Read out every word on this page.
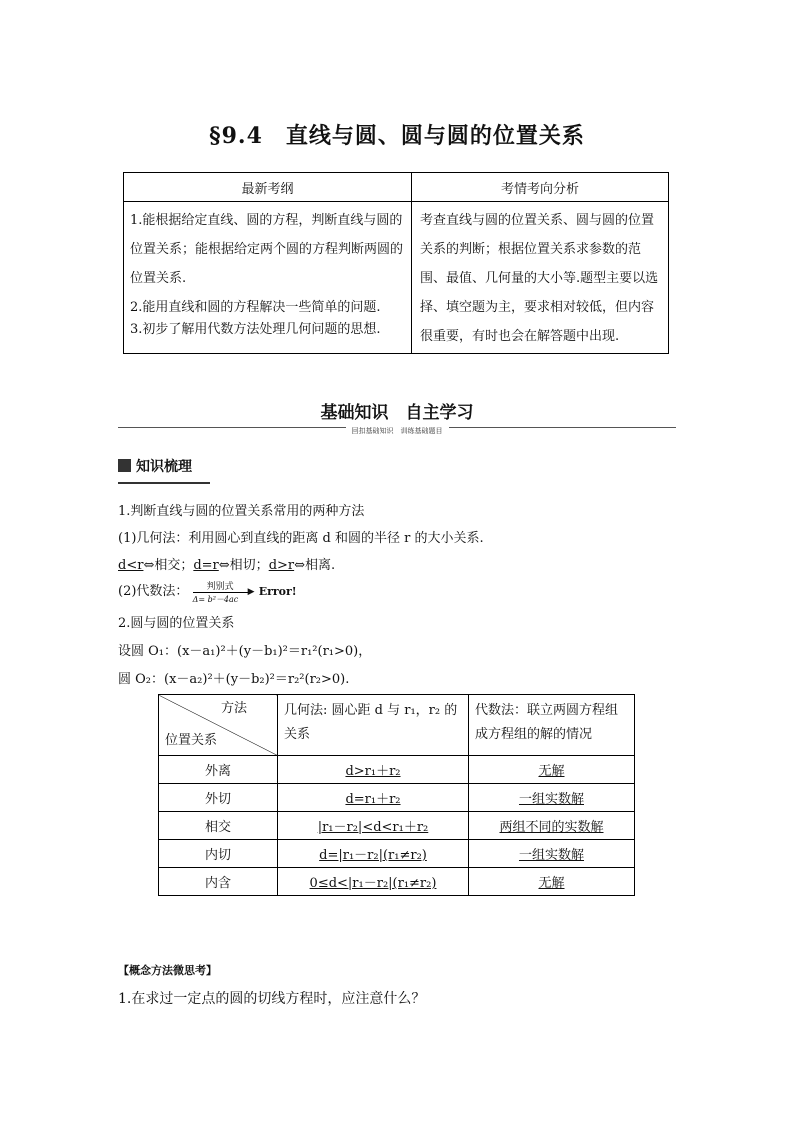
§9.4　直线与圆、圆与圆的位置关系
最新考纲	考情考向分析

1.能根据给定直线、圆的方程，判断直线与圆的位置关系；能根据给定两个圆的方程判断两圆的位置关系.

2.能用直线和圆的方程解决一些简单的问题.

3.初步了解用代数方法处理几何问题的思想.	考查直线与圆的位置关系、圆与圆的位置关系的判断；根据位置关系求参数的范围、最值、几何量的大小等.题型主要以选择、填空题为主，要求相对较低，但内容很重要，有时也会在解答题中出现.

基础知识　自主学习
回扣基础知识　训练基础题目
知识梳理
1.判断直线与圆的位置关系常用的两种方法
(1)几何法：利用圆心到直线的距离 d 和圆的半径 r 的大小关系.
d<r⇔相交；d=r⇔相切；d>r⇔相离.
(2)代数法： 判别式 ▶
Δ= b²－4ac
Error!
2.圆与圆的位置关系
设圆 O₁：(x－a₁)²＋(y－b₁)²＝r₁²(r₁>0)，
圆 O₂：(x－a₂)²＋(y－b₂)²＝r₂²(r₂>0).
方法
位置关系	几何法: 圆心距 d 与 r₁，r₂ 的关系	代数法：联立两圆方程组成方程组的解的情况
外离	d>r₁＋r₂	无解
外切	d=r₁＋r₂	一组实数解
相交	|r₁－r₂|<d<r₁＋r₂	两组不同的实数解
内切	d=|r₁－r₂|(r₁≠r₂)	一组实数解
内含	0≤d<|r₁－r₂|(r₁≠r₂)	无解
【概念方法微思考】
1.在求过一定点的圆的切线方程时，应注意什么？
